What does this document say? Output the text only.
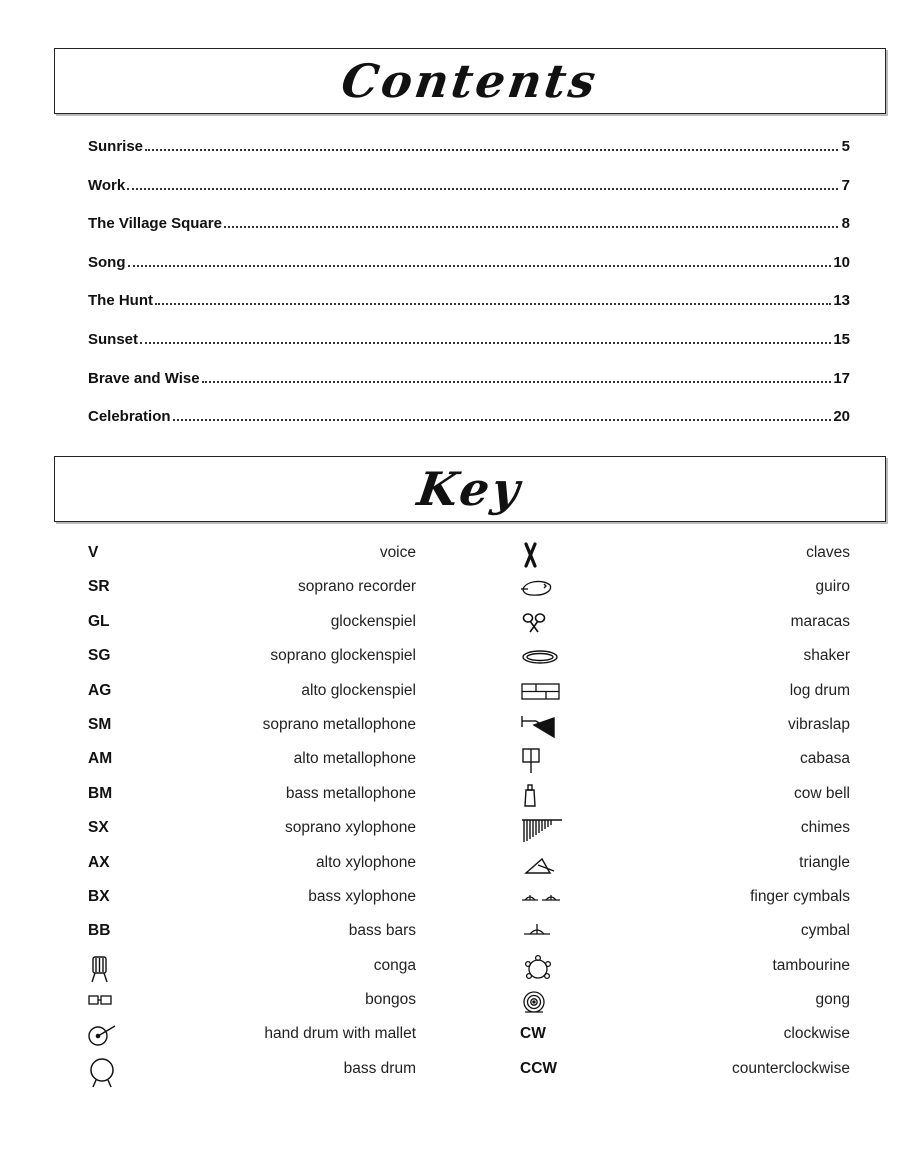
Contents
Sunrise	5
Work	7
The Village Square	8
Song	10
The Hunt	13
Sunset	15
Brave and Wise	17
Celebration	20
Key
V	voice
SR	soprano recorder
GL	glockenspiel
SG	soprano glockenspiel
AG	alto glockenspiel
SM	soprano metallophone
AM	alto metallophone
BM	bass metallophone
SX	soprano xylophone
AX	alto xylophone
BX	bass xylophone
BB	bass bars
conga
bongos
hand drum with mallet
bass drum
claves
guiro
maracas
shaker
log drum
vibraslap
cabasa
cow bell
chimes
triangle
finger cymbals
cymbal
tambourine
gong
CW	clockwise
CCW	counterclockwise
